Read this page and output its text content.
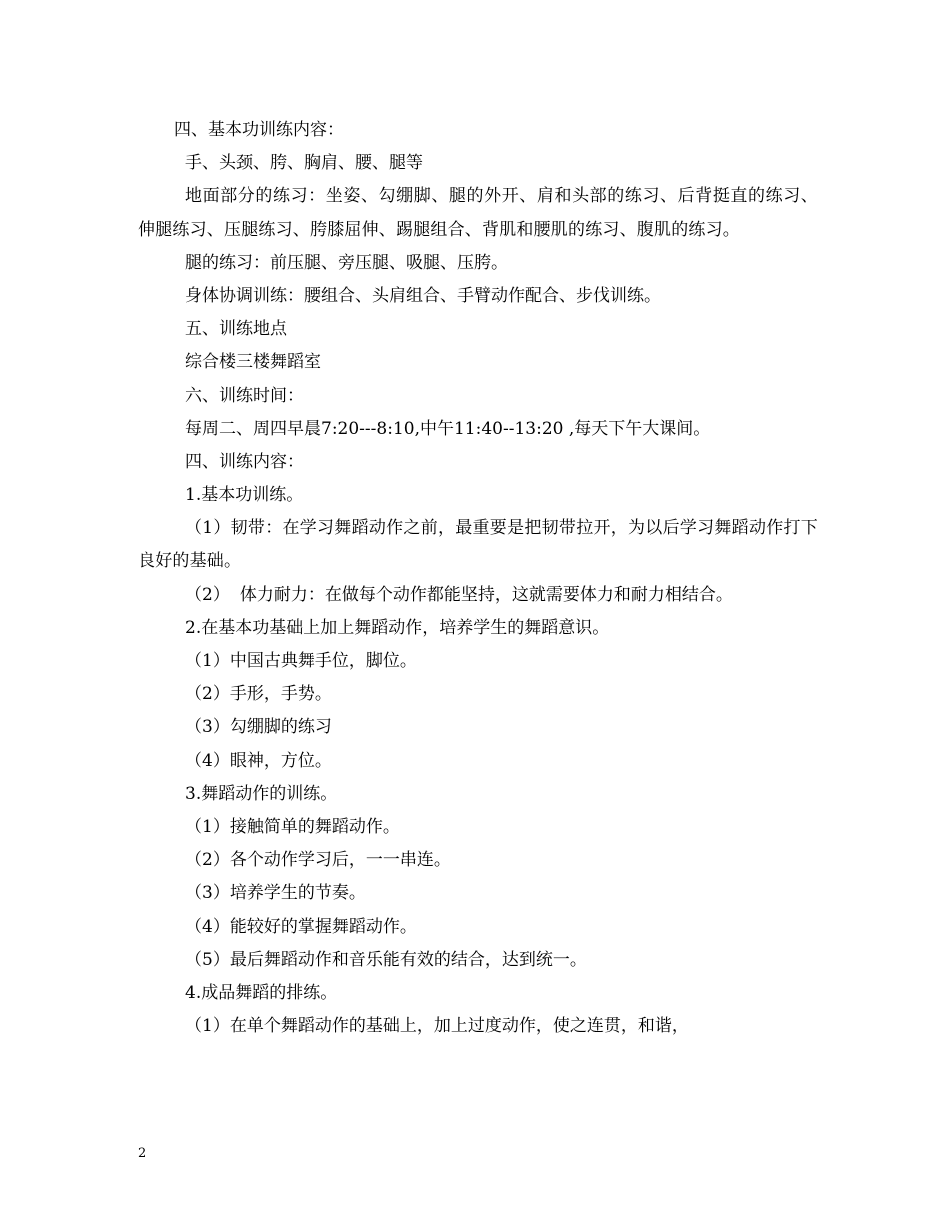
四、基本功训练内容：
手、头颈、胯、胸肩、腰、腿等
地面部分的练习：坐姿、勾绷脚、腿的外开、肩和头部的练习、后背挺直的练习、伸腿练习、压腿练习、胯膝屈伸、踢腿组合、背肌和腰肌的练习、腹肌的练习。
腿的练习：前压腿、旁压腿、吸腿、压胯。
身体协调训练：腰组合、头肩组合、手臂动作配合、步伐训练。
五、训练地点
综合楼三楼舞蹈室
六、训练时间：
每周二、周四早晨7:20---8:10,中午11:40--13:20 ,每天下午大课间。
四、训练内容：
1.基本功训练。
（1）韧带：在学习舞蹈动作之前，最重要是把韧带拉开，为以后学习舞蹈动作打下良好的基础。
（2） 体力耐力：在做每个动作都能坚持，这就需要体力和耐力相结合。
2.在基本功基础上加上舞蹈动作，培养学生的舞蹈意识。
（1）中国古典舞手位，脚位。
（2）手形，手势。
（3）勾绷脚的练习
（4）眼神，方位。
3.舞蹈动作的训练。
（1）接触简单的舞蹈动作。
（2）各个动作学习后，一一串连。
（3）培养学生的节奏。
（4）能较好的掌握舞蹈动作。
（5）最后舞蹈动作和音乐能有效的结合，达到统一。
4.成品舞蹈的排练。
（1）在单个舞蹈动作的基础上，加上过度动作，使之连贯，和谐，
2
